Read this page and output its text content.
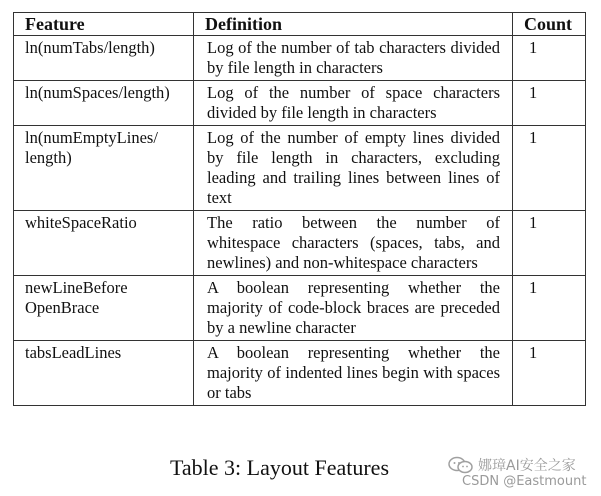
Feature	Definition	Count
ln(numTabs/length)	Log of the number of tab characters divided by file length in characters	1
ln(numSpaces/length)	Log of the number of space characters divided by file length in characters	1
ln(numEmptyLines/ length)	Log of the number of empty lines divided by file length in characters, excluding leading and trailing lines between lines of text	1
whiteSpaceRatio	The ratio between the number of whitespace characters (spaces, tabs, and newlines) and non-whitespace characters	1
newLineBefore OpenBrace	A boolean representing whether the majority of code-block braces are preceded by a newline character	1
tabsLeadLines	A boolean representing whether the majority of indented lines begin with spaces or tabs	1
Table 3: Layout Features	娜璋AI安全之家
CSDN @Eastmount
